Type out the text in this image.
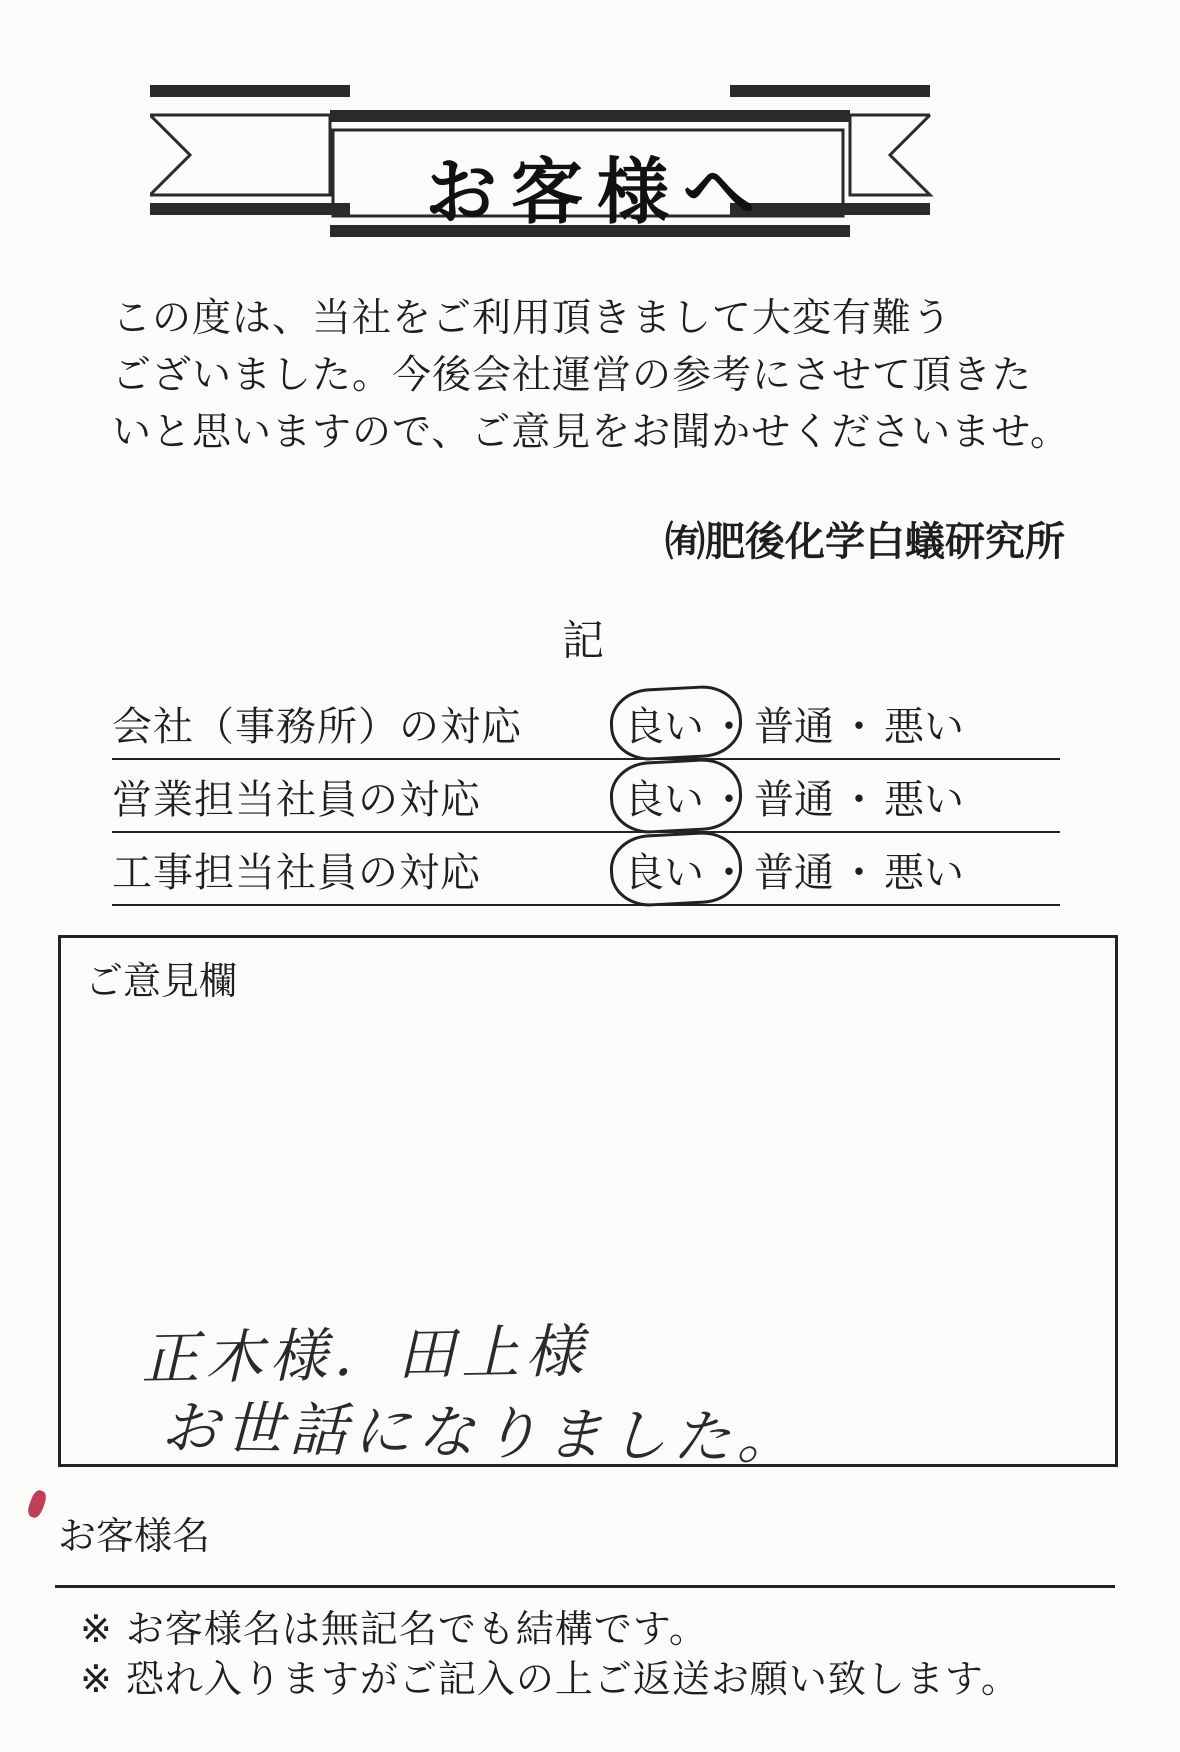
お客様へ
この度は、当社をご利用頂きまして大変有難う
ございました。今後会社運営の参考にさせて頂きた
いと思いますので、ご意見をお聞かせくださいませ。
㈲肥後化学白蟻研究所
記
会社（事務所）の対応	良い ・ 普通 ・ 悪い
営業担当社員の対応	良い ・ 普通 ・ 悪い
工事担当社員の対応	良い ・ 普通 ・ 悪い
ご意見欄
正木様．田上様
お世話になりました。
お客様名
※ お客様名は無記名でも結構です。
※ 恐れ入りますがご記入の上ご返送お願い致します。
